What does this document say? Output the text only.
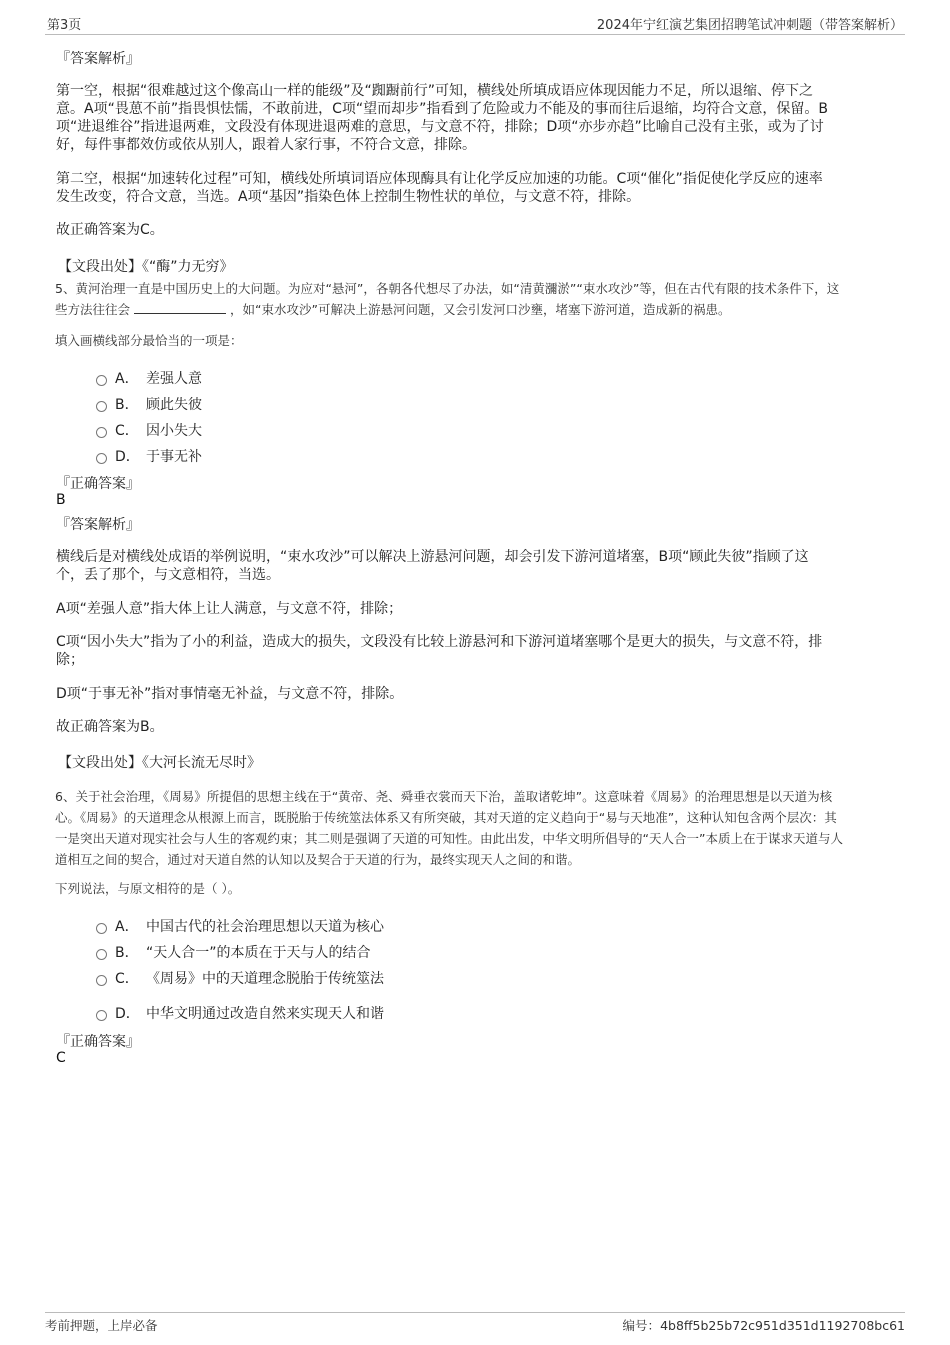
第3页	2024年宁红演艺集团招聘笔试冲刺题（带答案解析）
『答案解析』
第一空，根据“很难越过这个像高山一样的能级”及“踟蹰前行”可知，横线处所填成语应体现因能力不足，所以退缩、停下之
意。A项“畏葸不前”指畏惧怯懦，不敢前进，C项“望而却步”指看到了危险或力不能及的事而往后退缩，均符合文意，保留。B
项“进退维谷”指进退两难，文段没有体现进退两难的意思，与文意不符，排除；D项“亦步亦趋”比喻自己没有主张，或为了讨
好，每件事都效仿或依从别人，跟着人家行事，不符合文意，排除。
第二空，根据“加速转化过程”可知，横线处所填词语应体现酶具有让化学反应加速的功能。C项“催化”指促使化学反应的速率
发生改变，符合文意，当选。A项“基因”指染色体上控制生物性状的单位，与文意不符，排除。
故正确答案为C。
【文段出处】《“酶”力无穷》
5、黄河治理一直是中国历史上的大问题。为应对“悬河”，各朝各代想尽了办法，如“清黄瀰淤”“束水攻沙”等，但在古代有限的技术条件下，这
些方法往往会	，如“束水攻沙”可解决上游悬河问题，又会引发河口沙壅，堵塞下游河道，造成新的祸患。
填入画横线部分最恰当的一项是：
A． 差强人意
B． 顾此失彼
C． 因小失大
D． 于事无补
『正确答案』
B
『答案解析』
横线后是对横线处成语的举例说明，“束水攻沙”可以解决上游悬河问题，却会引发下游河道堵塞，B项“顾此失彼”指顾了这
个，丢了那个，与文意相符，当选。
A项“差强人意”指大体上让人满意，与文意不符，排除；
C项“因小失大”指为了小的利益，造成大的损失，文段没有比较上游悬河和下游河道堵塞哪个是更大的损失，与文意不符，排
除；
D项“于事无补”指对事情毫无补益，与文意不符，排除。
故正确答案为B。
【文段出处】《大河长流无尽时》
6、关于社会治理，《周易》所提倡的思想主线在于“黄帝、尧、舜垂衣裳而天下治，盖取诸乾坤”。这意味着《周易》的治理思想是以天道为核
心。《周易》的天道理念从根源上而言，既脱胎于传统筮法体系又有所突破，其对天道的定义趋向于“易与天地准”，这种认知包含两个层次：其
一是突出天道对现实社会与人生的客观约束；其二则是强调了天道的可知性。由此出发，中华文明所倡导的“天人合一”本质上在于谋求天道与人
道相互之间的契合，通过对天道自然的认知以及契合于天道的行为，最终实现天人之间的和谐。
下列说法，与原文相符的是（ ）。
A． 中国古代的社会治理思想以天道为核心
B． “天人合一”的本质在于天与人的结合
C． 《周易》中的天道理念脱胎于传统筮法
D． 中华文明通过改造自然来实现天人和谐
『正确答案』
C
考前押题，上岸必备	编号：4b8ff5b25b72c951d351d1192708bc61
